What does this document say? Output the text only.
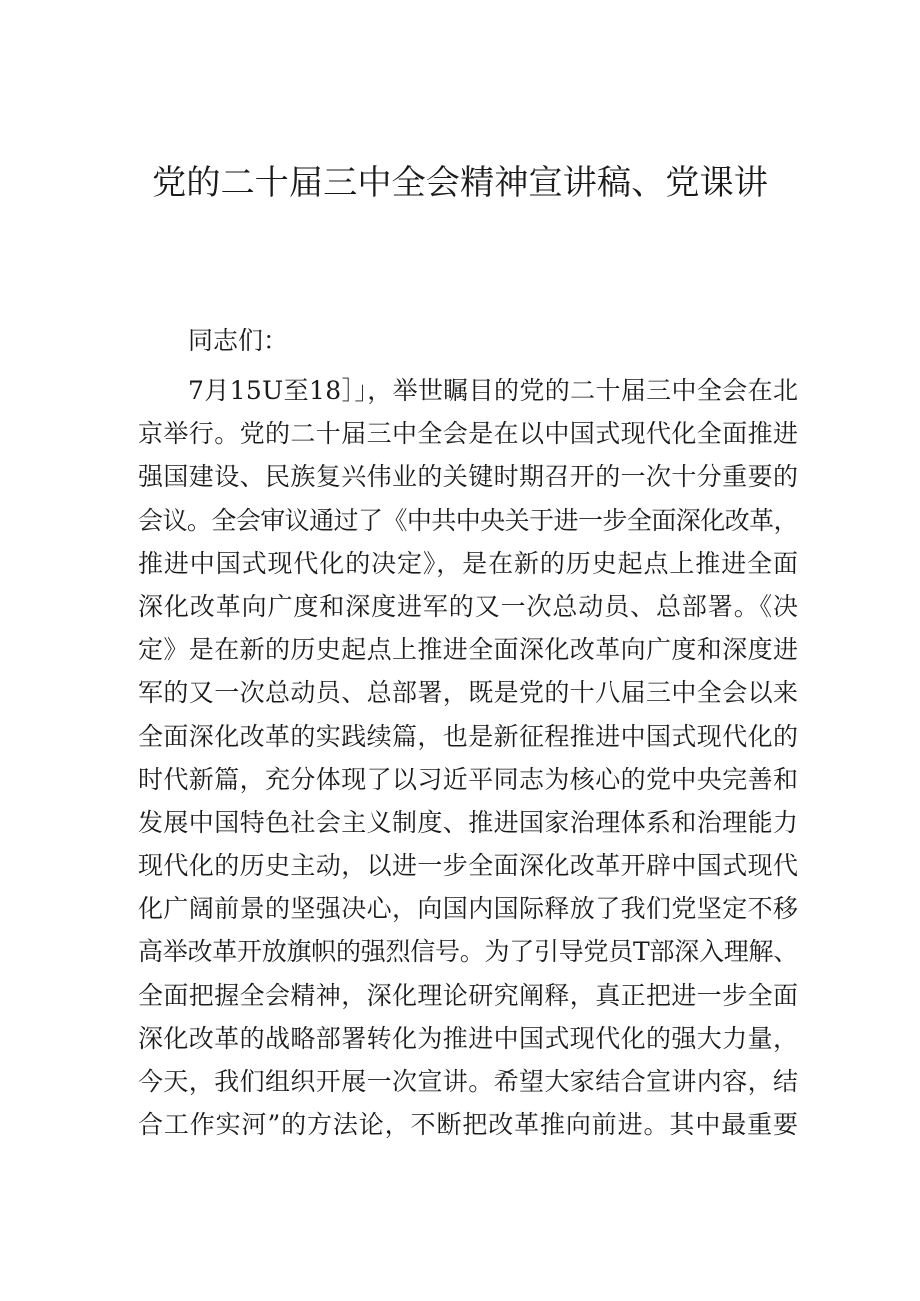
党的二十届三中全会精神宣讲稿、党课讲
同志们：
7月15U至18］」，举世瞩目的党的二十届三中全会在北
京举行。党的二十届三中全会是在以中国式现代化全面推进
强国建设、民族复兴伟业的关键时期召开的一次十分重要的
会议。全会审议通过了《中共中央关于进一步全面深化改革，
推进中国式现代化的决定》，是在新的历史起点上推进全面
深化改革向广度和深度进军的又一次总动员、总部署。《决
定》是在新的历史起点上推进全面深化改革向广度和深度进
军的又一次总动员、总部署，既是党的十八届三中全会以来
全面深化改革的实践续篇，也是新征程推进中国式现代化的
时代新篇，充分体现了以习近平同志为核心的党中央完善和
发展中国特色社会主义制度、推进国家治理体系和治理能力
现代化的历史主动，以进一步全面深化改革开辟中国式现代
化广阔前景的坚强决心，向国内国际释放了我们党坚定不移
高举改革开放旗帜的强烈信号。为了引导党员T部深入理解、
全面把握全会精神，深化理论研究阐释，真正把进一步全面
深化改革的战略部署转化为推进中国式现代化的强大力量，
今天，我们组织开展一次宣讲。希望大家结合宣讲内容，结
合工作实河”的方法论，不断把改革推向前进。其中最重要
